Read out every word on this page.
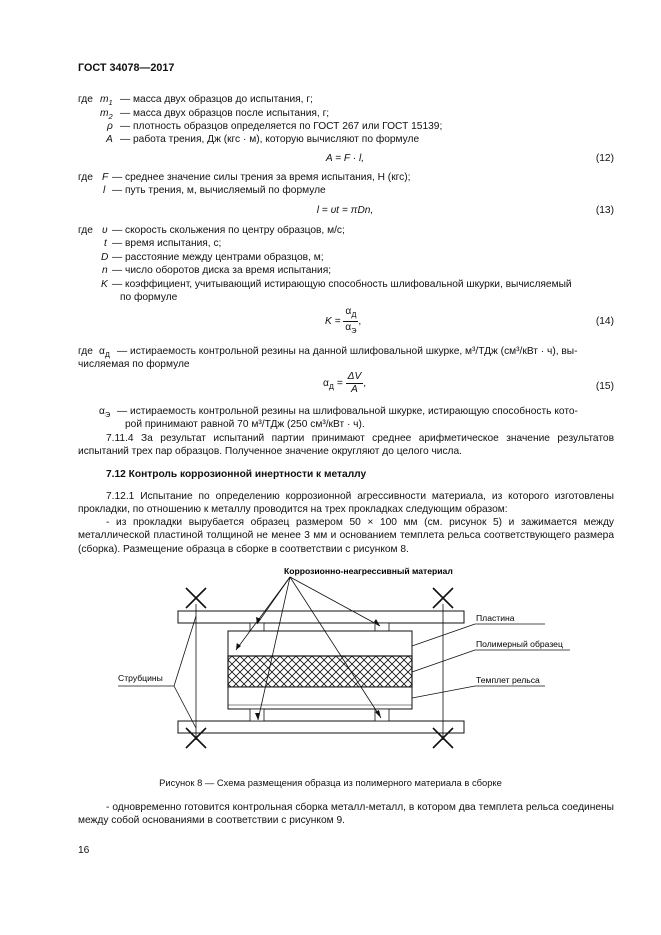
ГОСТ 34078—2017
где $m_1$ — масса двух образцов до испытания, г;
$m_2$ — масса двух образцов после испытания, г;
ρ — плотность образцов определяется по ГОСТ 267 или ГОСТ 15139;
A — работа трения, Дж (кгс · м), которую вычисляют по формуле
A = F · l,	(12)
где F — среднее значение силы трения за время испытания, Н (кгс);
l — путь трения, м, вычисляемый по формуле
l = υt = πDn,	(13)
где υ — скорость скольжения по центру образцов, м/с;
t — время испытания, с;
D — расстояние между центрами образцов, м;
n — число оборотов диска за время испытания;
K — коэффициент, учитывающий истирающую способность шлифовальной шкурки, вычисляемый
по формуле
$K = \frac{\alpha_Д}{\alpha_Э}$ ,	(14)
где $\alpha_Д$ — истираемость контрольной резины на данной шлифовальной шкурке, м³/ТДж (см³/кВт · ч), вы-
числяемая по формуле
$\alpha_Д = \frac{\Delta V}{A}$ ,	(15)
$\alpha_Э$ — истираемость контрольной резины на шлифовальной шкурке, истирающую способность кото-
рой принимают равной 70 м³/ТДж (250 см³/кВт · ч).
7.11.4 За результат испытаний партии принимают среднее арифметическое значение результатов испытаний трех пар образцов. Полученное значение округляют до целого числа.
7.12 Контроль коррозионной инертности к металлу
7.12.1 Испытание по определению коррозионной агрессивности материала, из которого изготовлены прокладки, по отношению к металлу проводится на трех прокладках следующим образом:
- из прокладки вырубается образец размером 50 × 100 мм (см. рисунок 5) и зажимается между металлической пластиной толщиной не менее 3 мм и основанием темплета рельса соответствующего размера (сборка). Размещение образца в сборке в соответствии с рисунком 8.
Коррозионно-неагрессивный материал
Пластина
Полимерный образец
Темплет рельса
Струбцины
Рисунок 8 — Схема размещения образца из полимерного материала в сборке
- одновременно готовится контрольная сборка металл-металл, в котором два темплета рельса соединены между собой основаниями в соответствии с рисунком 9.
16
